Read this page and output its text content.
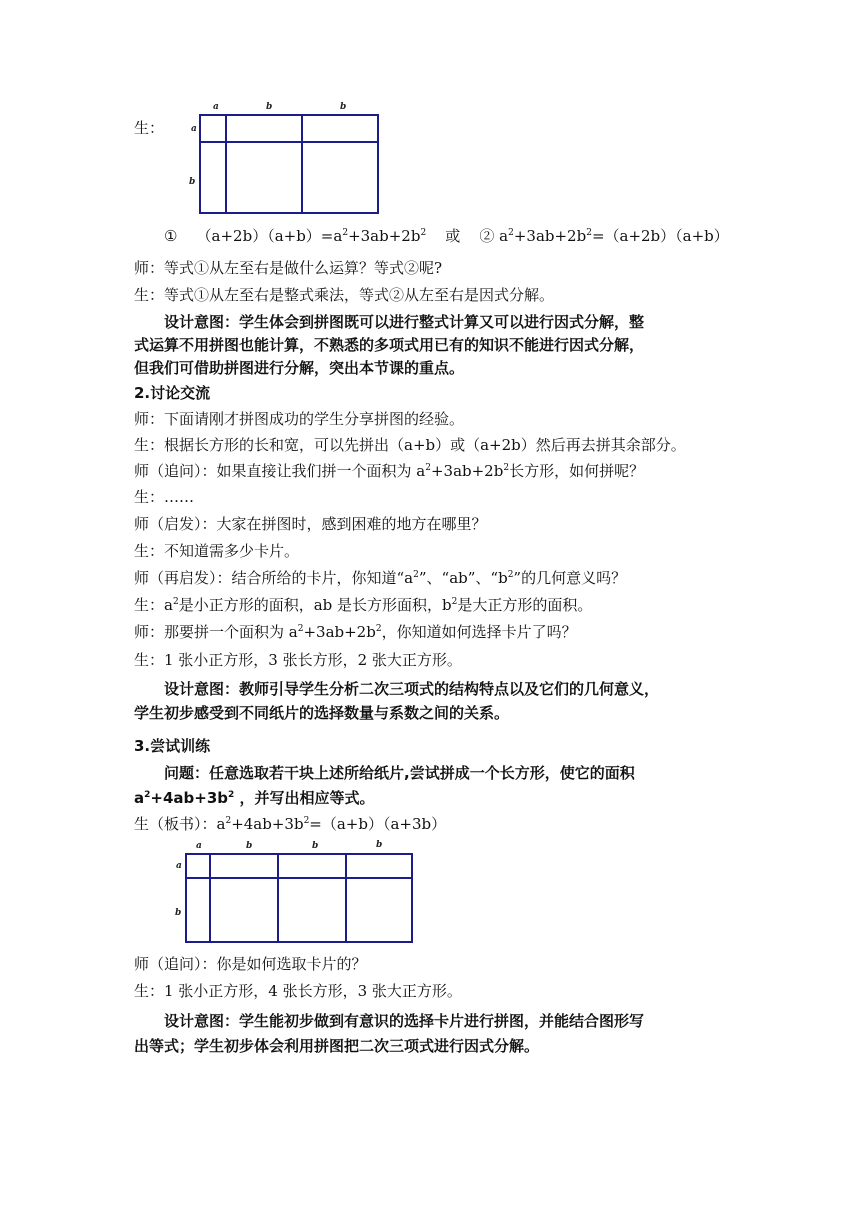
生：
a	b	b
a
b
① $(a+2b)(a+b)=a^2+3ab+2b^2$ 或 ② $a^2+3ab+2b^2=(a+2b)(a+b)$
师：等式①从左至右是做什么运算？等式②呢?
生：等式①从左至右是整式乘法，等式②从左至右是因式分解。
设计意图：学生体会到拼图既可以进行整式计算又可以进行因式分解，整
式运算不用拼图也能计算，不熟悉的多项式用已有的知识不能进行因式分解，
但我们可借助拼图进行分解，突出本节课的重点。
2.讨论交流
师：下面请刚才拼图成功的学生分享拼图的经验。
生：根据长方形的长和宽，可以先拼出（a+b）或（a+2b）然后再去拼其余部分。
师（追问）：如果直接让我们拼一个面积为 $a^2+3ab+2b^2$长方形，如何拼呢？
生：……
师（启发）：大家在拼图时，感到困难的地方在哪里？
生：不知道需多少卡片。
师（再启发）：结合所给的卡片，你知道“$a^2$”、“ab”、“$b^2$”的几何意义吗？
生：$a^2$是小正方形的面积，ab 是长方形面积，$b^2$是大正方形的面积。
师：那要拼一个面积为 $a^2+3ab+2b^2$，你知道如何选择卡片了吗？
生：1 张小正方形，3 张长方形，2 张大正方形。
设计意图：教师引导学生分析二次三项式的结构特点以及它们的几何意义，
学生初步感受到不同纸片的选择数量与系数之间的关系。
3.尝试训练
问题：任意选取若干块上述所给纸片,尝试拼成一个长方形，使它的面积
$a^2+4ab+3b^2$ ，并写出相应等式。
生（板书）：$a^2+4ab+3b^2=(a+b)(a+3b)$
a	b	b	b
a
b
师（追问）：你是如何选取卡片的？
生：1 张小正方形，4 张长方形，3 张大正方形。
设计意图：学生能初步做到有意识的选择卡片进行拼图，并能结合图形写
出等式；学生初步体会利用拼图把二次三项式进行因式分解。
